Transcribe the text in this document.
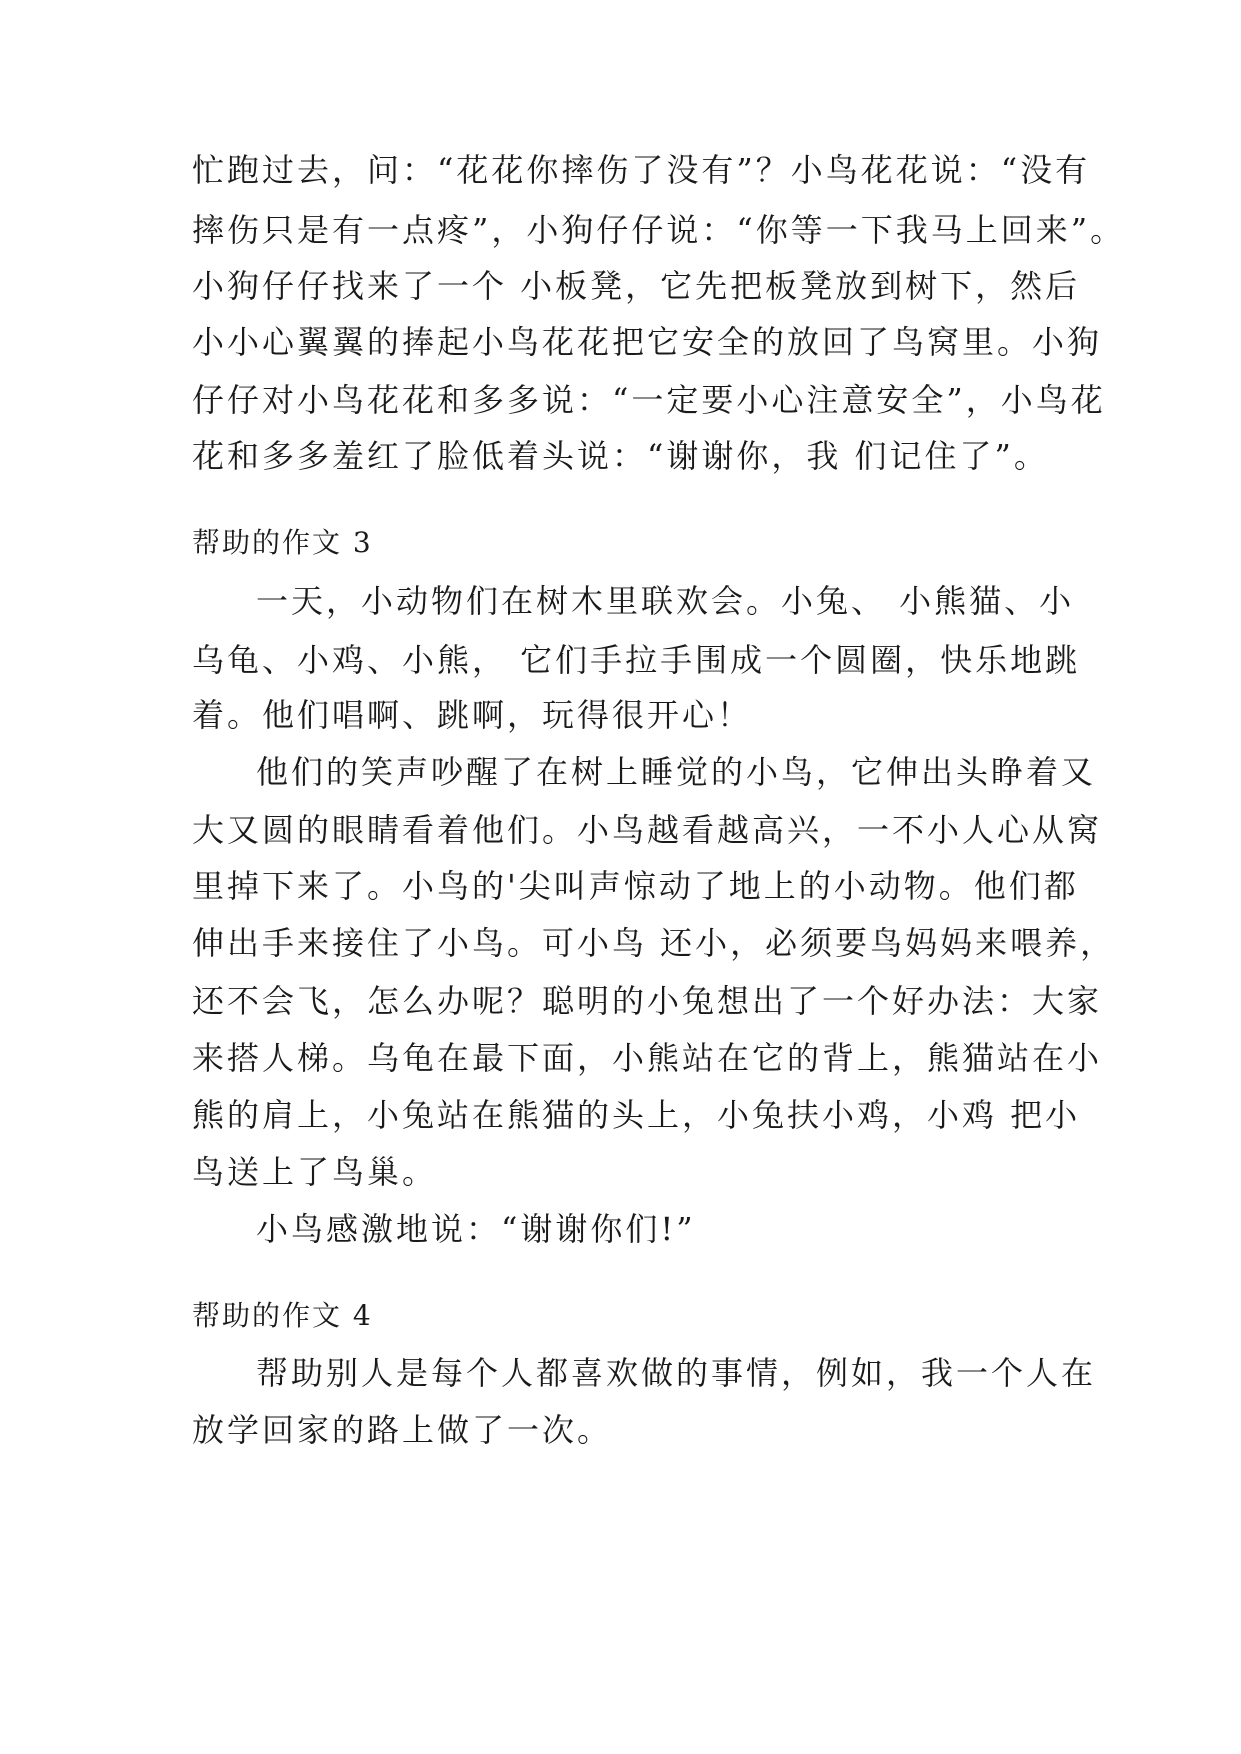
忙跑过去，问：“花花你摔伤了没有”？小鸟花花说：“没有
摔伤只是有一点疼”，小狗仔仔说：“你等一下我马上回来”。
小狗仔仔找来了一个 小板凳，它先把板凳放到树下，然后
小小心翼翼的捧起小鸟花花把它安全的放回了鸟窝里。小狗
仔仔对小鸟花花和多多说：“一定要小心注意安全”，小鸟花
花和多多羞红了脸低着头说：“谢谢你，我 们记住了”。
帮助的作文 3
一天，小动物们在树木里联欢会。小兔、 小熊猫、小
乌龟、小鸡、小熊， 它们手拉手围成一个圆圈，快乐地跳
着。他们唱啊、跳啊，玩得很开心！
他们的笑声吵醒了在树上睡觉的小鸟，它伸出头睁着又
大又圆的眼睛看着他们。小鸟越看越高兴，一不小人心从窝
里掉下来了。小鸟的'尖叫声惊动了地上的小动物。他们都
伸出手来接住了小鸟。可小鸟 还小，必须要鸟妈妈来喂养，
还不会飞，怎么办呢？聪明的小兔想出了一个好办法：大家
来搭人梯。乌龟在最下面，小熊站在它的背上，熊猫站在小
熊的肩上，小兔站在熊猫的头上，小兔扶小鸡，小鸡 把小
鸟送上了鸟巢。
小鸟感激地说：“谢谢你们!”
帮助的作文 4
帮助别人是每个人都喜欢做的事情，例如，我一个人在
放学回家的路上做了一次。
